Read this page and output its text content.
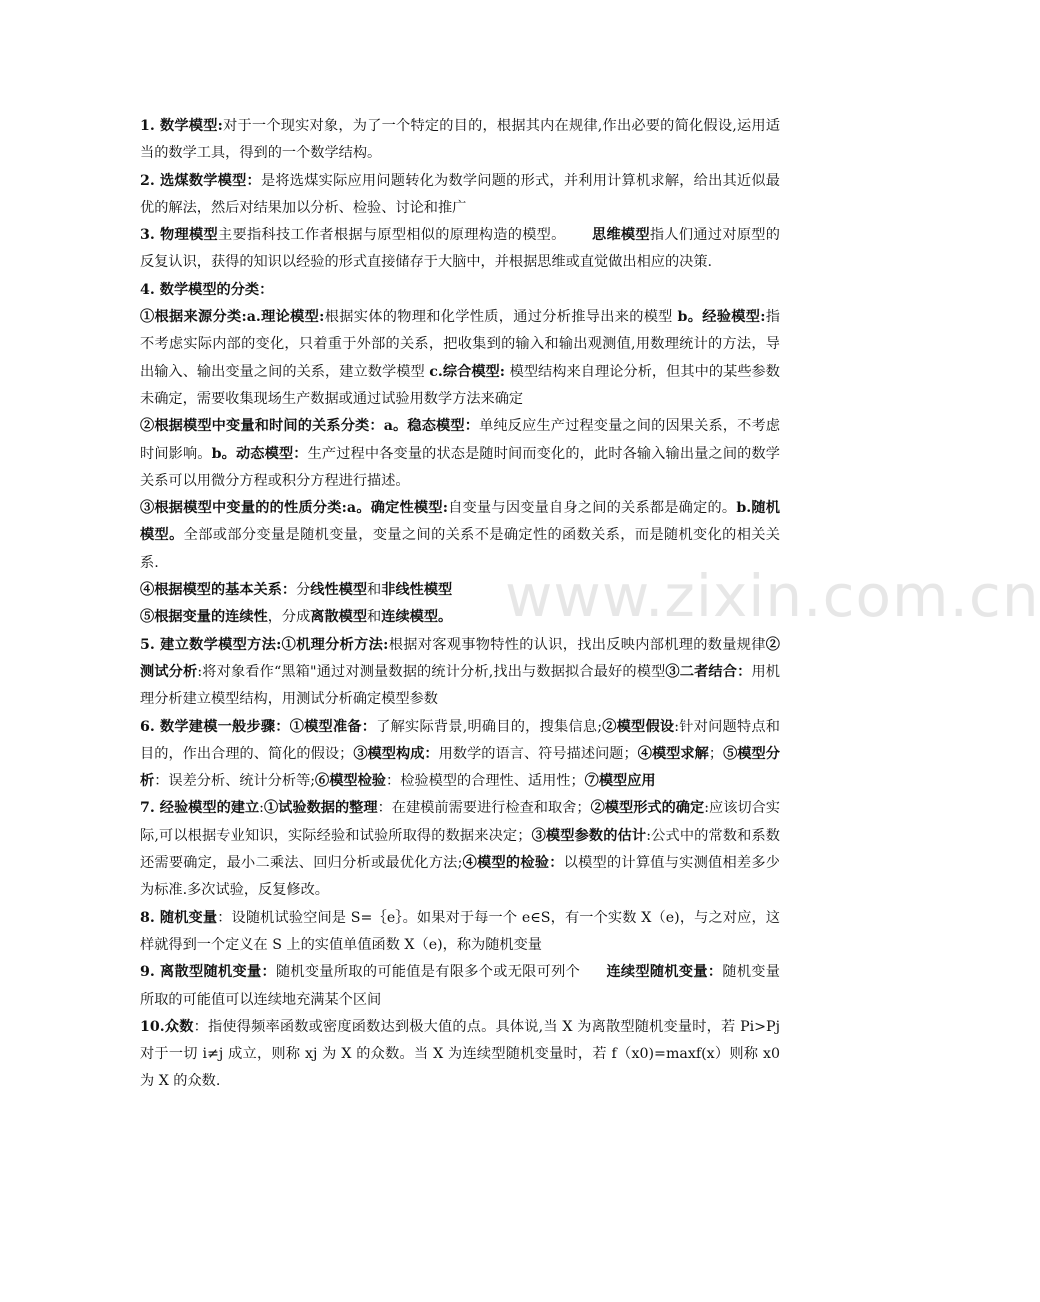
1. 数学模型:对于一个现实对象，为了一个特定的目的，根据其内在规律,作出必要的简化假设,运用适当的数学工具，得到的一个数学结构。

2. 选煤数学模型：是将选煤实际应用问题转化为数学问题的形式，并利用计算机求解，给出其近似最优的解法，然后对结果加以分析、检验、讨论和推广

3. 物理模型主要指科技工作者根据与原型相似的原理构造的模型。 思维模型指人们通过对原型的反复认识，获得的知识以经验的形式直接储存于大脑中，并根据思维或直觉做出相应的决策.

4. 数学模型的分类：

①根据来源分类:a.理论模型:根据实体的物理和化学性质，通过分析推导出来的模型 b。经验模型:指不考虑实际内部的变化，只着重于外部的关系，把收集到的输入和输出观测值,用数理统计的方法，导出输入、输出变量之间的关系，建立数学模型 c.综合模型: 模型结构来自理论分析，但其中的某些参数未确定，需要收集现场生产数据或通过试验用数学方法来确定

②根据模型中变量和时间的关系分类：a。稳态模型：单纯反应生产过程变量之间的因果关系，不考虑时间影响。b。动态模型：生产过程中各变量的状态是随时间而变化的，此时各输入输出量之间的数学关系可以用微分方程或积分方程进行描述。

③根据模型中变量的的性质分类:a。确定性模型:自变量与因变量自身之间的关系都是确定的。b.随机模型。全部或部分变量是随机变量，变量之间的关系不是确定性的函数关系，而是随机变化的相关关系.

④根据模型的基本关系：分线性模型和非线性模型

⑤根据变量的连续性，分成离散模型和连续模型。

5. 建立数学模型方法:①机理分析方法:根据对客观事物特性的认识，找出反映内部机理的数量规律②测试分析:将对象看作“黑箱"通过对测量数据的统计分析,找出与数据拟合最好的模型③二者结合：用机理分析建立模型结构，用测试分析确定模型参数

6. 数学建模一般步骤：①模型准备：了解实际背景,明确目的，搜集信息;②模型假设:针对问题特点和目的，作出合理的、简化的假设；③模型构成：用数学的语言、符号描述问题；④模型求解；⑤模型分析：误差分析、统计分析等;⑥模型检验：检验模型的合理性、适用性；⑦模型应用

7. 经验模型的建立:①试验数据的整理：在建模前需要进行检查和取舍；②模型形式的确定:应该切合实际,可以根据专业知识，实际经验和试验所取得的数据来决定；③模型参数的估计:公式中的常数和系数还需要确定，最小二乘法、回归分析或最优化方法;④模型的检验：以模型的计算值与实测值相差多少为标准.多次试验，反复修改。

8. 随机变量：设随机试验空间是 S=｛e｝。如果对于每一个 e∈S，有一个实数 X（e)，与之对应，这样就得到一个定义在 S 上的实值单值函数 X（e)，称为随机变量

9. 离散型随机变量：随机变量所取的可能值是有限多个或无限可列个 连续型随机变量：随机变量所取的可能值可以连续地充满某个区间

10.众数：指使得频率函数或密度函数达到极大值的点。具体说,当 X 为离散型随机变量时，若 Pi>Pj 对于一切 i≠j 成立，则称 xj 为 X 的众数。当 X 为连续型随机变量时，若 f（x0)=maxf(x）则称 x0 为 X 的众数.

www.zixin.com.cn
